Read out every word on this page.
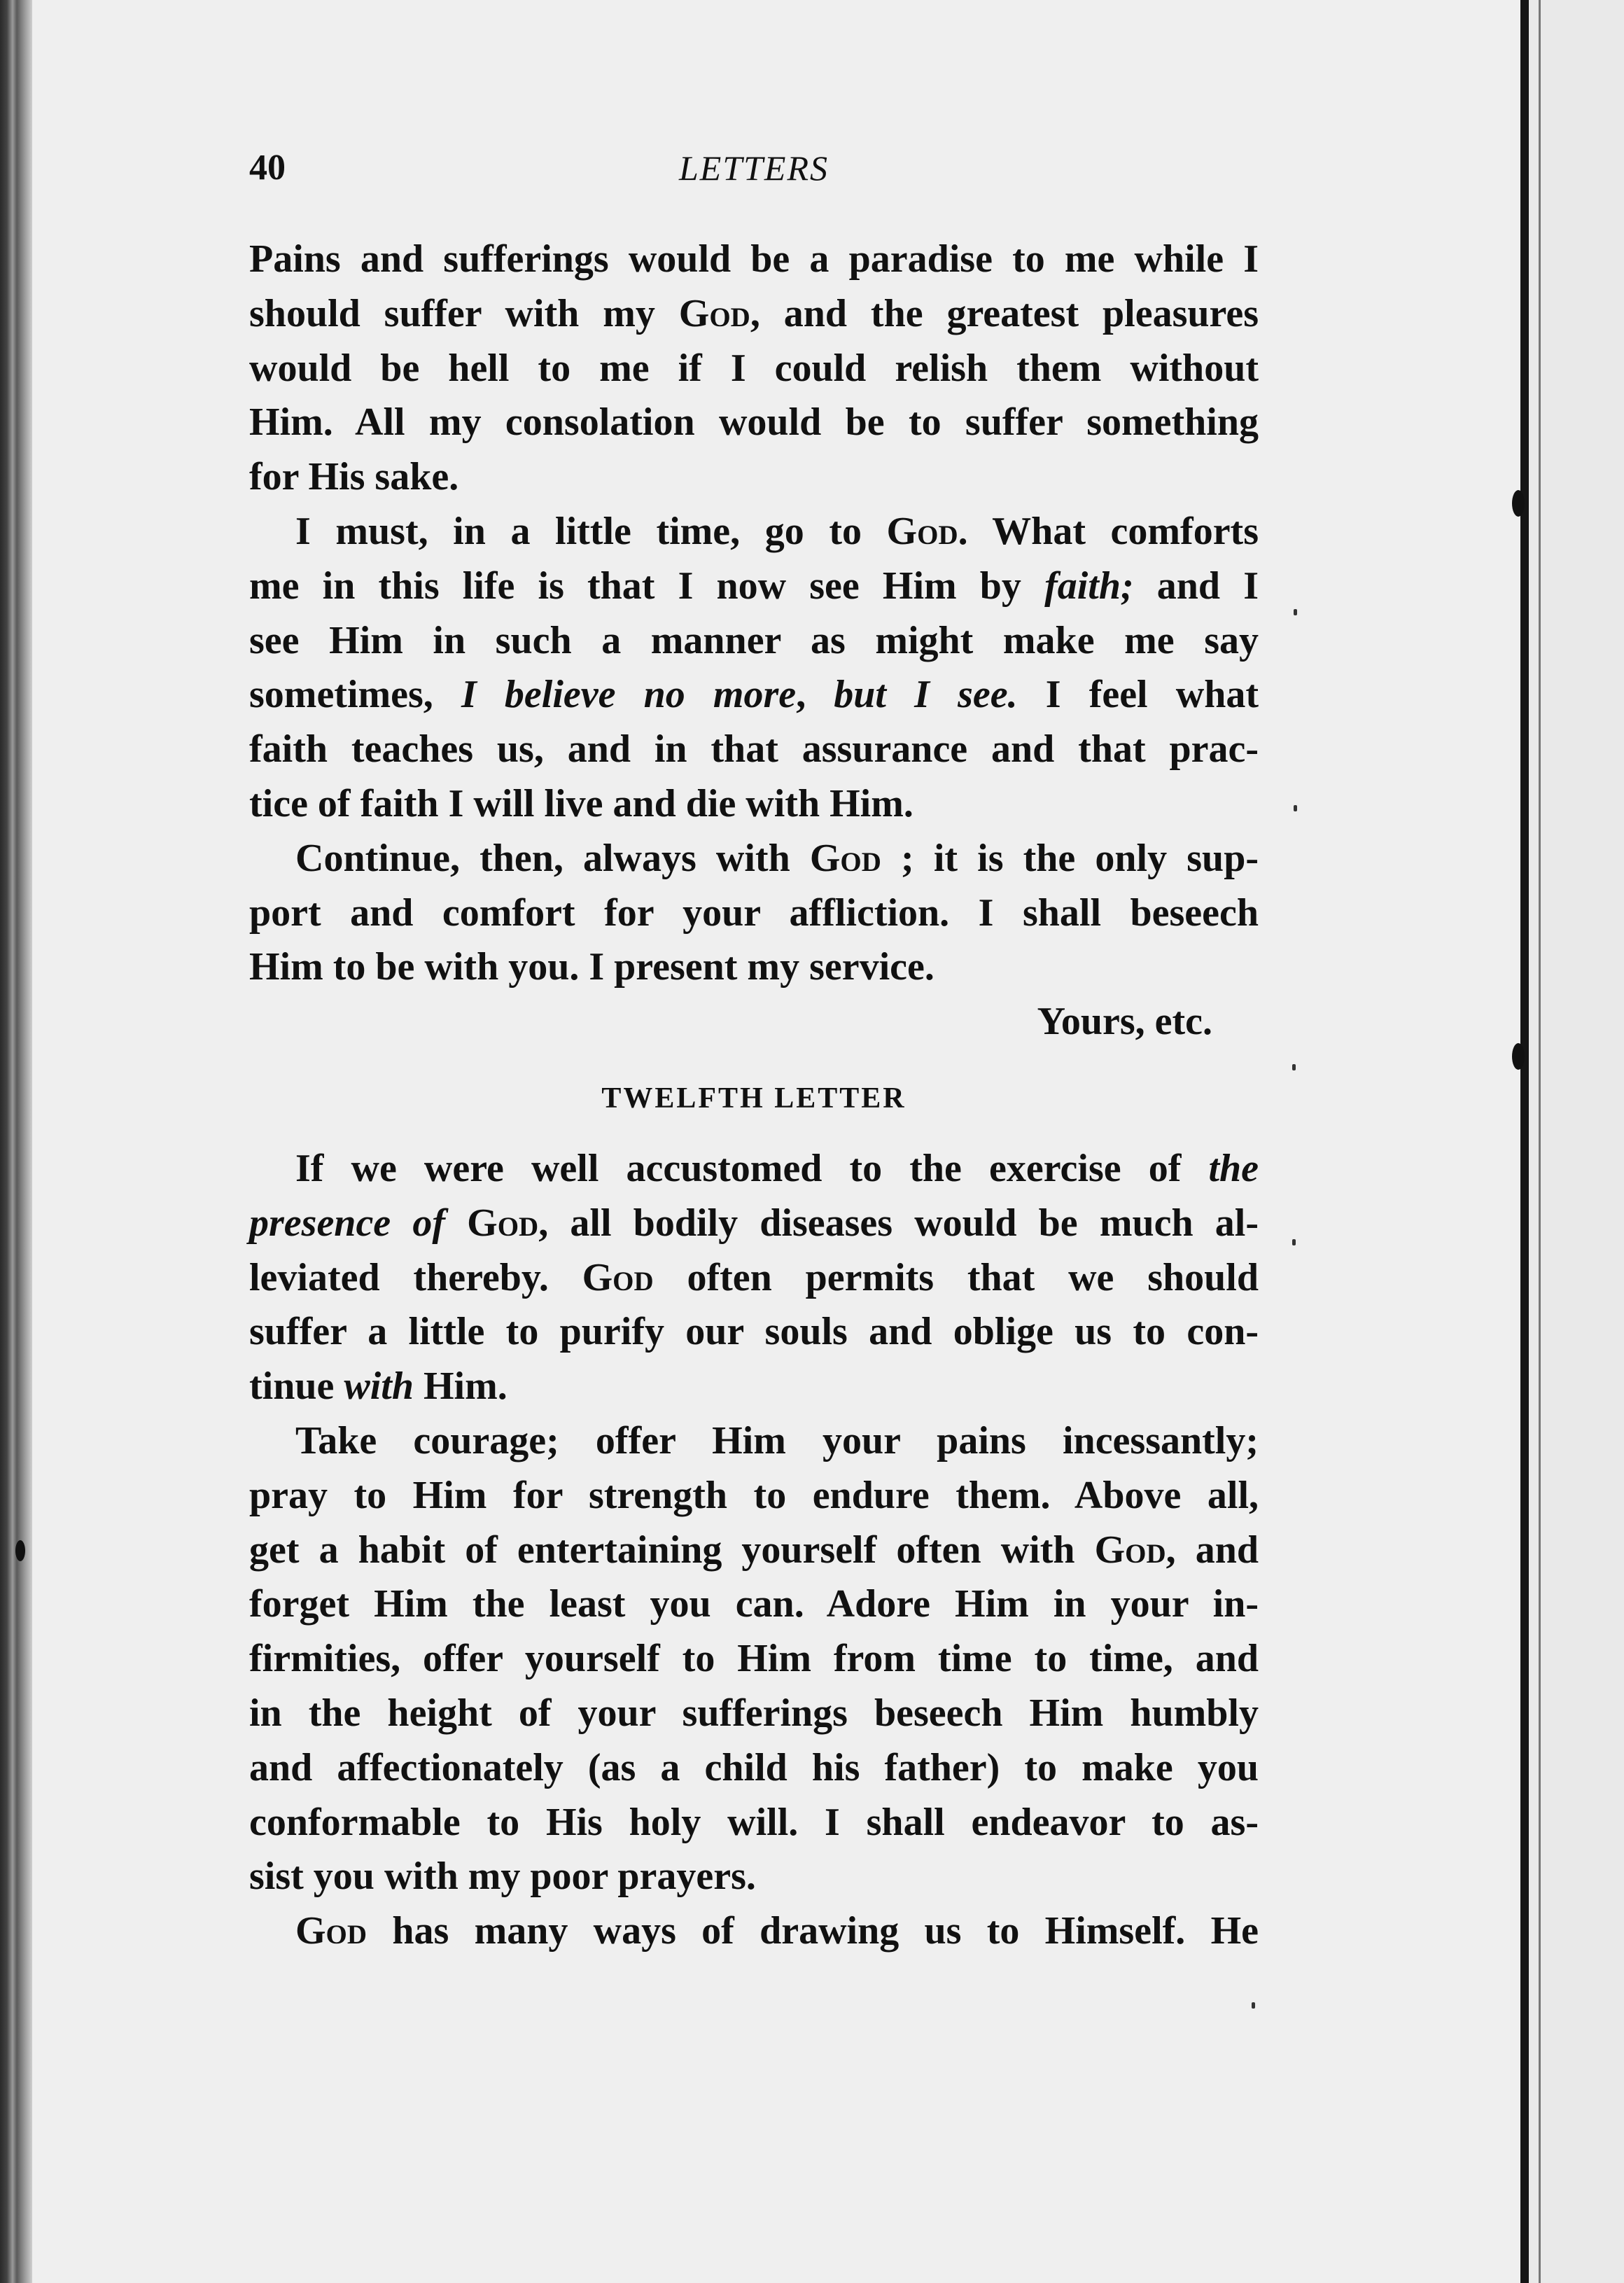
40	LETTERS
Pains and sufferings would be a paradise to me while I
should suffer with my God, and the greatest pleasures
would be hell to me if I could relish them without
Him. All my consolation would be to suffer something
for His sake.
I must, in a little time, go to God. What comforts
me in this life is that I now see Him by faith; and I
see Him in such a manner as might make me say
sometimes, I believe no more, but I see. I feel what
faith teaches us, and in that assurance and that prac-
tice of faith I will live and die with Him.
Continue, then, always with God ; it is the only sup-
port and comfort for your affliction. I shall beseech
Him to be with you. I present my service.
Yours, etc.
TWELFTH LETTER
If we were well accustomed to the exercise of the
presence of God, all bodily diseases would be much al-
leviated thereby. God often permits that we should
suffer a little to purify our souls and oblige us to con-
tinue with Him.
Take courage; offer Him your pains incessantly;
pray to Him for strength to endure them. Above all,
get a habit of entertaining yourself often with God, and
forget Him the least you can. Adore Him in your in-
firmities, offer yourself to Him from time to time, and
in the height of your sufferings beseech Him humbly
and affectionately (as a child his father) to make you
conformable to His holy will. I shall endeavor to as-
sist you with my poor prayers.
God has many ways of drawing us to Himself. He
